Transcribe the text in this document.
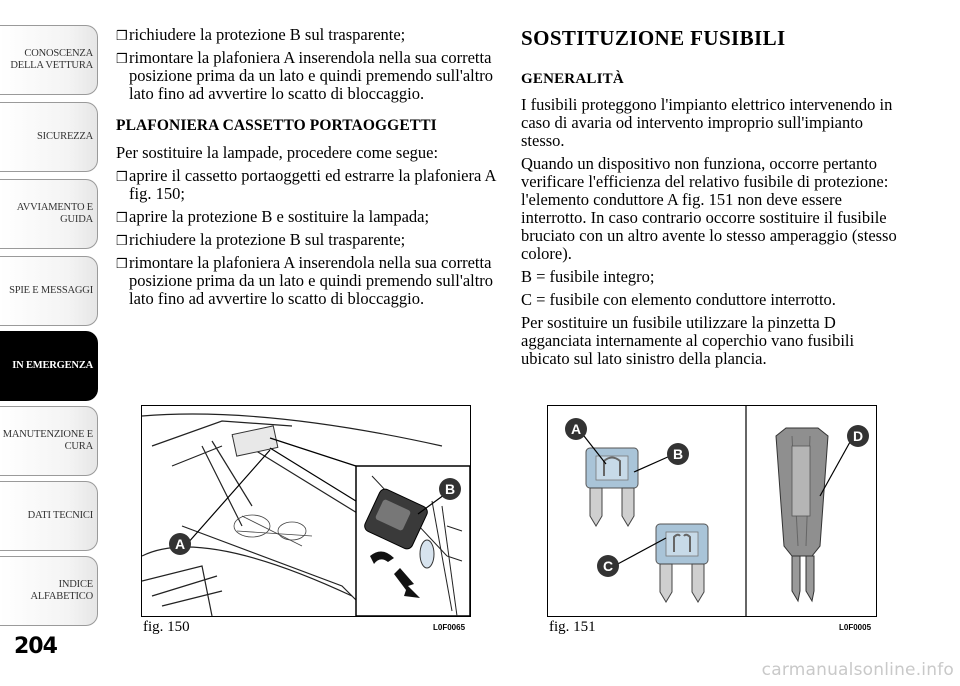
CONOSCENZA
DELLA VETTURA
SICUREZZA
AVVIAMENTO E
GUIDA
SPIE E MESSAGGI
IN EMERGENZA
MANUTENZIONE E
CURA
DATI TECNICI
INDICE
ALFABETICO
204
❒ richiudere la protezione B sul trasparente;
❒ rimontare la plafoniera A inserendola nella sua corretta posizione prima da un lato e quindi premendo sull'altro lato fino ad avvertire lo scatto di bloccaggio.
PLAFONIERA CASSETTO PORTAOGGETTI
Per sostituire la lampade, procedere come segue:
❒ aprire il cassetto portaoggetti ed estrarre la plafoniera A fig. 150;
❒ aprire la protezione B e sostituire la lampada;
❒ richiudere la protezione B sul trasparente;
❒ rimontare la plafoniera A inserendola nella sua corretta posizione prima da un lato e quindi premendo sull'altro lato fino ad avvertire lo scatto di bloccaggio.
SOSTITUZIONE FUSIBILI
GENERALITÀ
I fusibili proteggono l'impianto elettrico intervenendo in caso di avaria od intervento improprio sull'impianto stesso.
Quando un dispositivo non funziona, occorre pertanto verificare l'efficienza del relativo fusibile di protezione: l'elemento conduttore A fig. 151 non deve essere interrotto. In caso contrario occorre sostituire il fusibile bruciato con un altro avente lo stesso amperaggio (stesso colore).
B = fusibile integro;
C = fusibile con elemento conduttore interrotto.
Per sostituire un fusibile utilizzare la pinzetta D agganciata internamente al coperchio vano fusibili ubicato sul lato sinistro della plancia.
A
B
fig. 150	L0F0065
A
B
C
D
fig. 151	L0F0005
carmanualsonline.info
